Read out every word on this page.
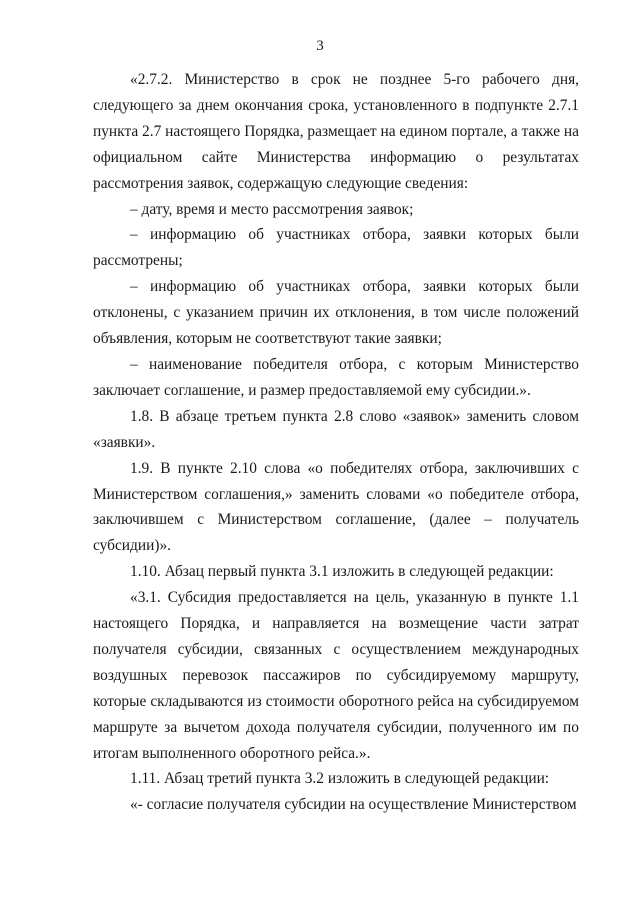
3

«2.7.2. Министерство в срок не позднее 5-го рабочего дня, следующего за днем окончания срока, установленного в подпункте 2.7.1 пункта 2.7 настоящего Порядка, размещает на едином портале, а также на официальном сайте Министерства информацию о результатах рассмотрения заявок, содержащую следующие сведения:

– дату, время и место рассмотрения заявок;

– информацию об участниках отбора, заявки которых были рассмотрены;

– информацию об участниках отбора, заявки которых были отклонены, с указанием причин их отклонения, в том числе положений объявления, которым не соответствуют такие заявки;

– наименование победителя отбора, с которым Министерство заключает соглашение, и размер предоставляемой ему субсидии.».

1.8. В абзаце третьем пункта 2.8 слово «заявок» заменить словом «заявки».

1.9. В пункте 2.10 слова «о победителях отбора, заключивших с Министерством соглашения,» заменить словами «о победителе отбора, заключившем с Министерством соглашение, (далее – получатель субсидии)».

1.10. Абзац первый пункта 3.1 изложить в следующей редакции:

«3.1. Субсидия предоставляется на цель, указанную в пункте 1.1 настоящего Порядка, и направляется на возмещение части затрат получателя субсидии, связанных с осуществлением международных воздушных перевозок пассажиров по субсидируемому маршруту, которые складываются из стоимости оборотного рейса на субсидируемом маршруте за вычетом дохода получателя субсидии, полученного им по итогам выполненного оборотного рейса.».

1.11. Абзац третий пункта 3.2 изложить в следующей редакции:

«- согласие получателя субсидии на осуществление Министерством
